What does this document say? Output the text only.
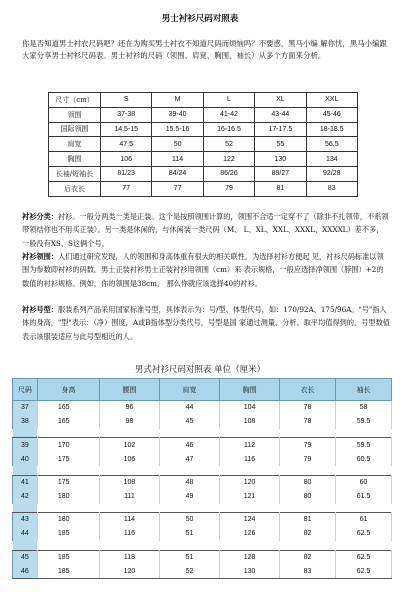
男士衬衫尺码对照表
你是否知道男士衬衣尺码吧？还在为购买男士衬衣不知道尺码而烦恼吗？不要惑，黑马小编 解你忧，黑马小编跟大家分享男士衬衫尺码表。男士衬衫的尺码（领围、肩宽、胸围、袖长）从多个方面来分析。
尺寸（cm）	S	M	L	XL	XXL
领围	37-38	39-40	41-42	43-44	45-46
国际领围	14.5-15	15.5-16	16-16.5	17-17.5	18-18.5
肩宽	47.5	50	52	55	56.5
胸围	106	114	122	130	134
长袖/短袖长	81/23	84/24	86/26	89/27	92/28
后衣长	77	77	79	81	83
衬衫分类：衬衫。一般分两类一类是正装。这个是按照领围计算的，领围不合适一定穿不了（除非不扎领带，不系领带领结你也不用买正装）。另一类是休闲的，与休闲装一类尺码（M、 L、XL、XXL、XXXL、XXXXL）差不多，一般没有XS、S这俩个号。
衬衫领围：人们通过研究发现，人的领围和身高体重有很大的相关联性，为选择衬衫方便起 见，衬衫尺码标准以领围为参数即衬衫的码数。男士正装衬衫男士正装衬衫用领围（cm）来 表示规格，一般应选择净领围（脖围）+2的数值的衬衫规格。例如，你的领围是38cm， 那么你就应该选择40的衬衫。
衬衫号型：服装系列产品采用国家标准号型，具体表示为：号/型、体型代号，如：170/92A、175/96A。"号"指人体的身高，"型"表示：（净）围度，A或B指体型分类代号，号型是国 家通过测量、分析、取平均值得到的，号型数值表示该服装适应与此号型相近的人。
男式衬衫尺码对照表 单位（厘米）
尺码	身高	腰围	肩宽	胸围	衣长	袖长
37	165	96	44	104	78	58
38	165	98	45	108	78	59.5

39	170	102	46	112	79	59.5
40	175	106	47	116	79	60.5

41	175	108	48	120	80	60
42	180	111	49	121	80	61.5

43	180	114	50	124	81	61
44	185	116	51	126	82	62.5

45	185	118	51	128	82	62.5
46	185	120	52	130	83	62.5
